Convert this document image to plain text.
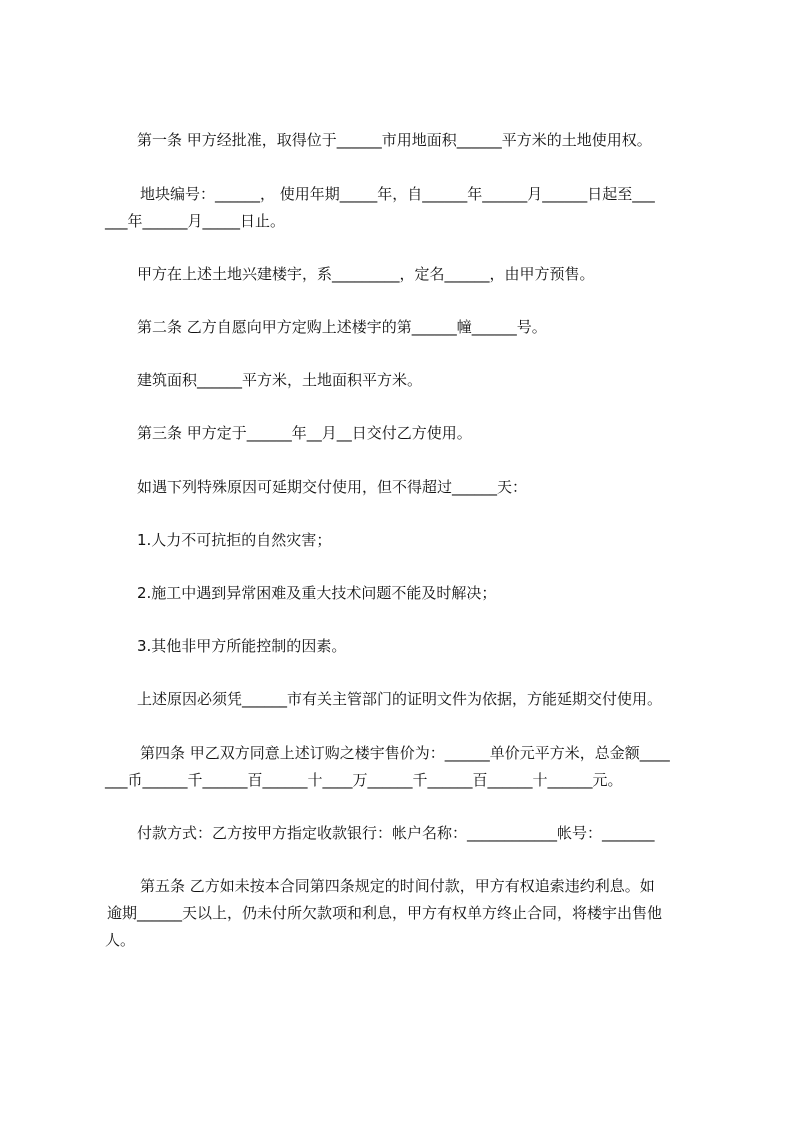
第一条 甲方经批准，取得位于______市用地面积______平方米的土地使用权。

地块编号：______， 使用年期_____年，自______年______月______日起至___

___年______月_____日止。

甲方在上述土地兴建楼宇，系_________，定名______，由甲方预售。

第二条 乙方自愿向甲方定购上述楼宇的第______幢______号。

建筑面积______平方米，土地面积平方米。

第三条 甲方定于______年__月__日交付乙方使用。

如遇下列特殊原因可延期交付使用，但不得超过______天：

1.人力不可抗拒的自然灾害；

2.施工中遇到异常困难及重大技术问题不能及时解决；

3.其他非甲方所能控制的因素。

上述原因必须凭______市有关主管部门的证明文件为依据，方能延期交付使用。

第四条 甲乙双方同意上述订购之楼宇售价为：______单价元平方米，总金额____

___币______千______百______十____万______千______百______十______元。

付款方式：乙方按甲方指定收款银行：帐户名称：____________帐号：_______

第五条 乙方如未按本合同第四条规定的时间付款，甲方有权追索违约利息。如

逾期______天以上，仍未付所欠款项和利息，甲方有权单方终止合同，将楼宇出售他

人。
